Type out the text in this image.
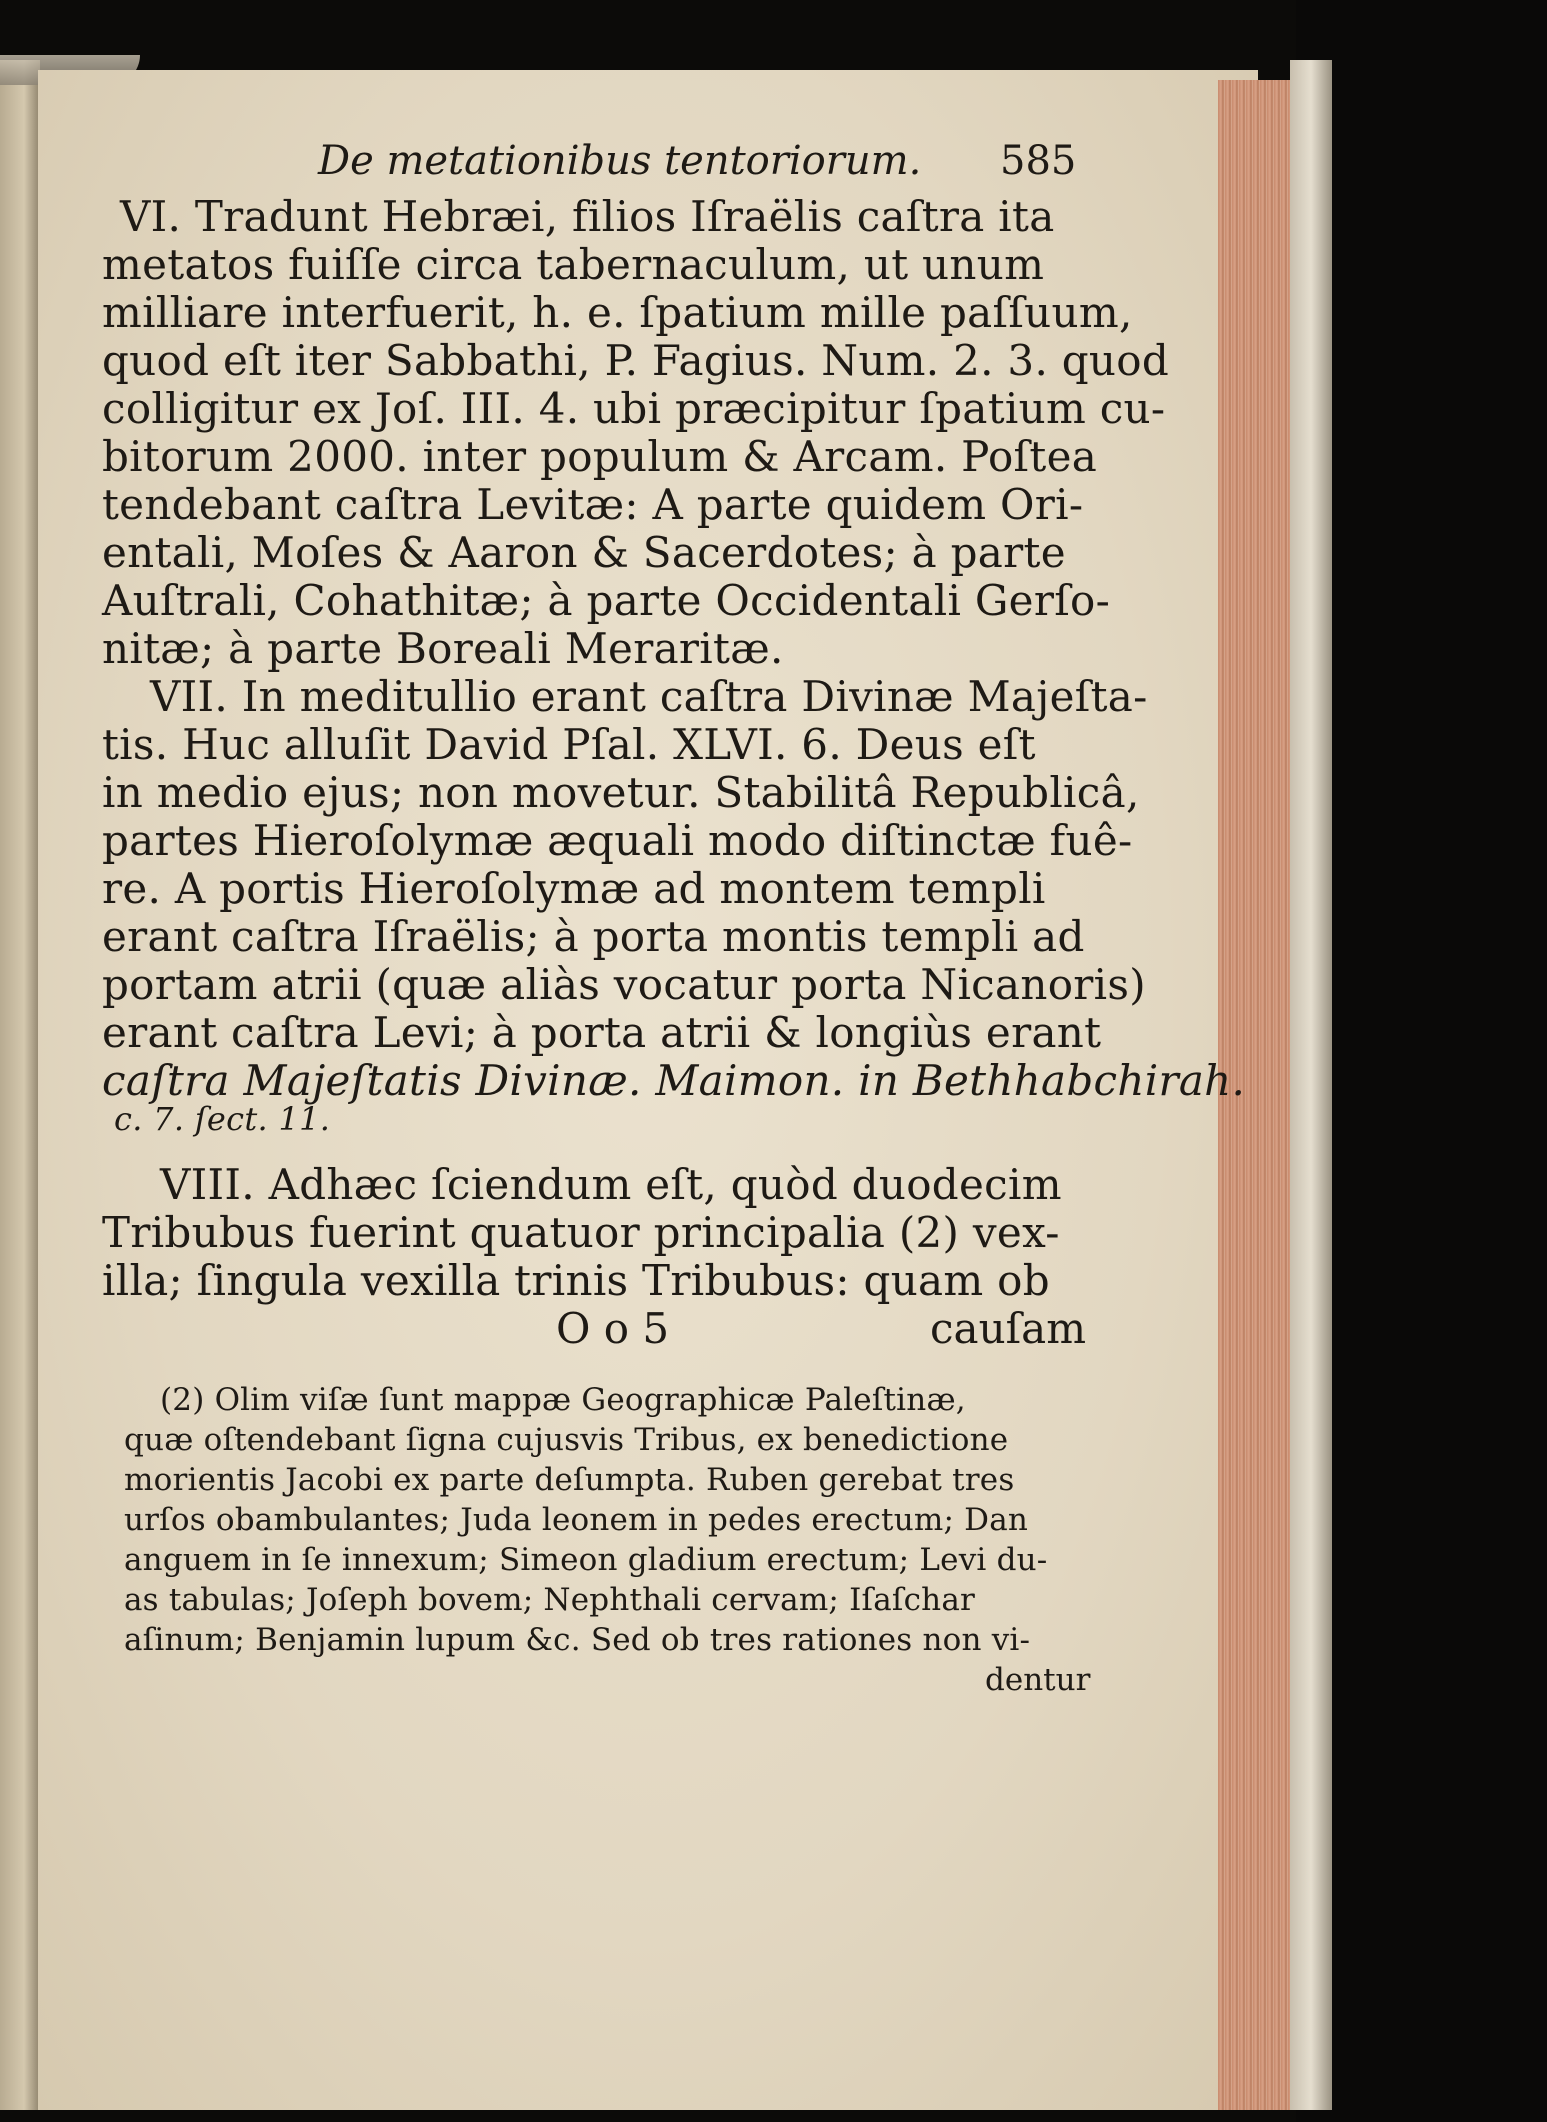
De metationibus tentoriorum. 585
VI. Tradunt Hebræi, filios Iſraëlis caſtra ita
metatos fuiſſe circa tabernaculum, ut unum
milliare interfuerit, h. e. ſpatium mille paſſuum,
quod eſt iter Sabbathi, P. Fagius. Num. 2. 3. quod
colligitur ex Joſ. III. 4. ubi præcipitur ſpatium cu-
bitorum 2000. inter populum & Arcam. Poſtea
tendebant caſtra Levitæ: A parte quidem Ori-
entali, Moſes & Aaron & Sacerdotes; à parte
Auſtrali, Cohathitæ; à parte Occidentali Gerſo-
nitæ; à parte Boreali Meraritæ.
VII. In meditullio erant caſtra Divinæ Majeſta-
tis. Huc alluſit David Pſal. XLVI. 6. Deus eſt
in medio ejus; non movetur. Stabilitâ Republicâ,
partes Hieroſolymæ æquali modo diſtinctæ fuê-
re. A portis Hieroſolymæ ad montem templi
erant caſtra Iſraëlis; à porta montis templi ad
portam atrii (quæ aliàs vocatur porta Nicanoris)
erant caſtra Levi; à porta atrii & longiùs erant
caſtra Majeſtatis Divinæ. Maimon. in Bethhabchirah.
c. 7. ſect. 11.
VIII. Adhæc ſciendum eſt, quòd duodecim
Tribubus fuerint quatuor principalia (2) vex-
illa; ſingula vexilla trinis Tribubus: quam ob
O o 5	cauſam
(2) Olim viſæ ſunt mappæ Geographicæ Paleſtinæ,
quæ oſtendebant ſigna cujusvis Tribus, ex benedictione
morientis Jacobi ex parte deſumpta. Ruben gerebat tres
urſos obambulantes; Juda leonem in pedes erectum; Dan
anguem in ſe innexum; Simeon gladium erectum; Levi du-
as tabulas; Joſeph bovem; Nephthali cervam; Iſaſchar
aſinum; Benjamin lupum &c. Sed ob tres rationes non vi-
dentur
